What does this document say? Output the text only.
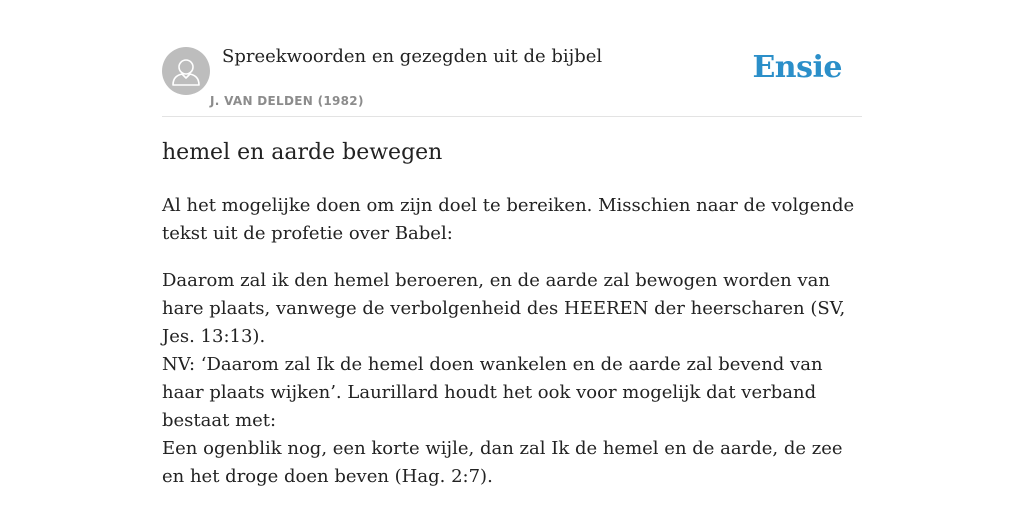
Spreekwoorden en gezegden uit de bijbel
J. VAN DELDEN (1982)
Ensie
hemel en aarde bewegen

Al het mogelijke doen om zijn doel te bereiken. Misschien naar de volgende tekst uit de profetie over Babel:

Daarom zal ik den hemel beroeren, en de aarde zal bewogen worden van hare plaats, vanwege de verbolgenheid des HEEREN der heerscharen (SV, Jes. 13:13).

NV: ‘Daarom zal Ik de hemel doen wankelen en de aarde zal bevend van haar plaats wijken’. Laurillard houdt het ook voor mogelijk dat verband bestaat met:

Een ogenblik nog, een korte wijle, dan zal Ik de hemel en de aarde, de zee en het droge doen beven (Hag. 2:7).
